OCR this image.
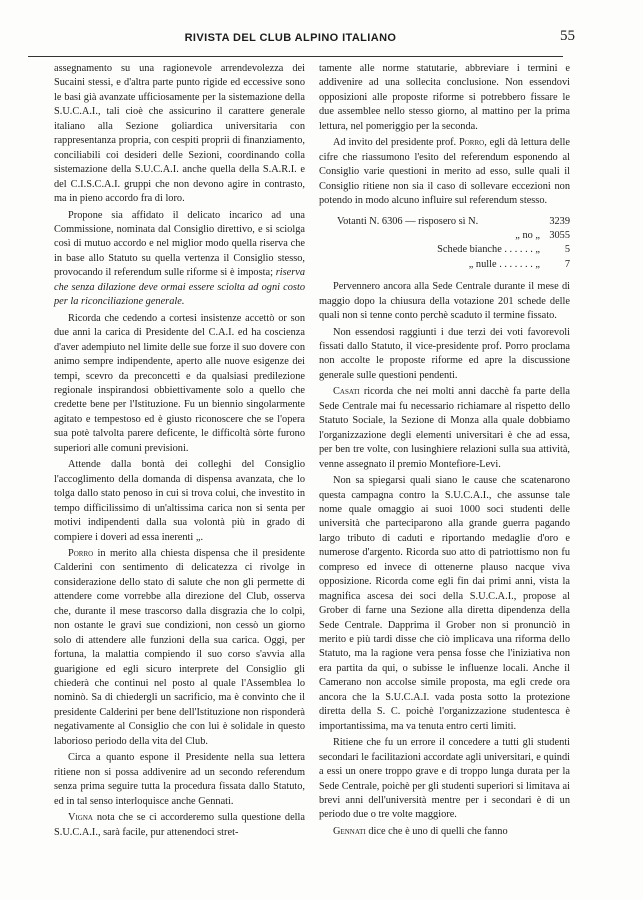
RIVISTA DEL CLUB ALPINO ITALIANO	55

assegnamento su una ragionevole arrendevolezza dei Sucaini stessi, e d'altra parte punto rigide ed eccessive sono le basi già avanzate ufficiosamente per la sistemazione della S.U.C.A.I., tali cioè che assicurino il carattere generale italiano alla Sezione goliardica universitaria con rappresentanza propria, con cespiti proprii di finanziamento, conciliabili coi desideri delle Sezioni, coordinando colla sistemazione della S.U.C.A.I. anche quella della S.A.R.I. e del C.I.S.C.A.I. gruppi che non devono agire in contrasto, ma in pieno accordo fra di loro.

Propone sia affidato il delicato incarico ad una Commissione, nominata dal Consiglio direttivo, e si sciolga così di mutuo accordo e nel miglior modo quella riserva che in base allo Statuto su quella vertenza il Consiglio stesso, provocando il referendum sulle riforme si è imposta; riserva che senza dilazione deve ormai essere sciolta ad ogni costo per la riconciliazione generale.

Ricorda che cedendo a cortesi insistenze accettò or son due anni la carica di Presidente del C.A.I. ed ha coscienza d'aver adempiuto nel limite delle sue forze il suo dovere con animo sempre indipendente, aperto alle nuove esigenze dei tempi, scevro da preconcetti e da qualsiasi predilezione regionale inspirandosi obbiettivamente solo a quello che credette bene per l'Istituzione. Fu un biennio singolarmente agitato e tempestoso ed è giusto riconoscere che se l'opera sua potè talvolta parere deficente, le difficoltà sòrte furono superiori alle comuni previsioni.

Attende dalla bontà dei colleghi del Consiglio l'accoglimento della domanda di dispensa avanzata, che lo tolga dallo stato penoso in cui si trova colui, che investito in tempo difficilissimo di un'altissima carica non si senta per motivi indipendenti dalla sua volontà più in grado di compiere i doveri ad essa inerenti „.

Porro in merito alla chiesta dispensa che il presidente Calderini con sentimento di delicatezza ci rivolge in considerazione dello stato di salute che non gli permette di attendere come vorrebbe alla direzione del Club, osserva che, durante il mese trascorso dalla disgrazia che lo colpì, non ostante le gravi sue condizioni, non cessò un giorno solo di attendere alle funzioni della sua carica. Oggi, per fortuna, la malattia compiendo il suo corso s'avvia alla guarigione ed egli sicuro interprete del Consiglio gli chiederà che continui nel posto al quale l'Assemblea lo nominò. Sa di chiedergli un sacrificio, ma è convinto che il presidente Calderini per bene dell'Istituzione non risponderà negativamente al Consiglio che con lui è solidale in questo laborioso periodo della vita del Club.

Circa a quanto espone il Presidente nella sua lettera ritiene non si possa addivenire ad un secondo referendum senza prima seguire tutta la procedura fissata dallo Statuto, ed in tal senso interloquisce anche Gennati.

Vigna nota che se ci accorderemo sulla questione della S.U.C.A.I., sarà facile, pur attenendoci stret-

tamente alle norme statutarie, abbreviare i termini e addivenire ad una sollecita conclusione. Non essendovi opposizioni alle proposte riforme si potrebbero fissare le due assemblee nello stesso giorno, al mattino per la prima lettura, nel pomeriggio per la seconda.

Ad invito del presidente prof. Porro, egli dà lettura delle cifre che riassumono l'esito del referendum esponendo al Consiglio varie questioni in merito ad esso, sulle quali il Consiglio ritiene non sia il caso di sollevare eccezioni non potendo in modo alcuno influire sul referendum stesso.

Votanti N. 6306 — risposero sì N.	3239
„ no „ 3055
Schede bianche . . . . . . „	5
„ nulle . . . . . . . „	7

Pervennero ancora alla Sede Centrale durante il mese di maggio dopo la chiusura della votazione 201 schede delle quali non si tenne conto perchè scaduto il termine fissato.

Non essendosi raggiunti i due terzi dei voti favorevoli fissati dallo Statuto, il vice-presidente prof. Porro proclama non accolte le proposte riforme ed apre la discussione generale sulle questioni pendenti.

Casati ricorda che nei molti anni dacchè fa parte della Sede Centrale mai fu necessario richiamare al rispetto dello Statuto Sociale, la Sezione di Monza alla quale dobbiamo l'organizzazione degli elementi universitari è che ad essa, per ben tre volte, con lusinghiere relazioni sulla sua attività, venne assegnato il premio Montefiore-Levi.

Non sa spiegarsi quali siano le cause che scatenarono questa campagna contro la S.U.C.A.I., che assunse tale nome quale omaggio ai suoi 1000 soci studenti delle università che parteciparono alla grande guerra pagando largo tributo di caduti e riportando medaglie d'oro e numerose d'argento. Ricorda suo atto di patriottismo non fu compreso ed invece di ottenerne plauso nacque viva opposizione. Ricorda come egli fin dai primi anni, vista la magnifica ascesa dei soci della S.U.C.A.I., propose al Grober di farne una Sezione alla diretta dipendenza della Sede Centrale. Dapprima il Grober non si pronunciò in merito e più tardi disse che ciò implicava una riforma dello Statuto, ma la ragione vera pensa fosse che l'iniziativa non era partita da qui, o subisse le influenze locali. Anche il Camerano non accolse simile proposta, ma egli crede ora ancora che la S.U.C.A.I. vada posta sotto la protezione diretta della S. C. poichè l'organizzazione studentesca è importantissima, ma va tenuta entro certi limiti.

Ritiene che fu un errore il concedere a tutti gli studenti secondari le facilitazioni accordate agli universitari, e quindi a essi un onere troppo grave e di troppo lunga durata per la Sede Centrale, poichè per gli studenti superiori si limitava ai brevi anni dell'università mentre per i secondari è di un periodo due o tre volte maggiore.

Gennati dice che è uno di quelli che fanno
